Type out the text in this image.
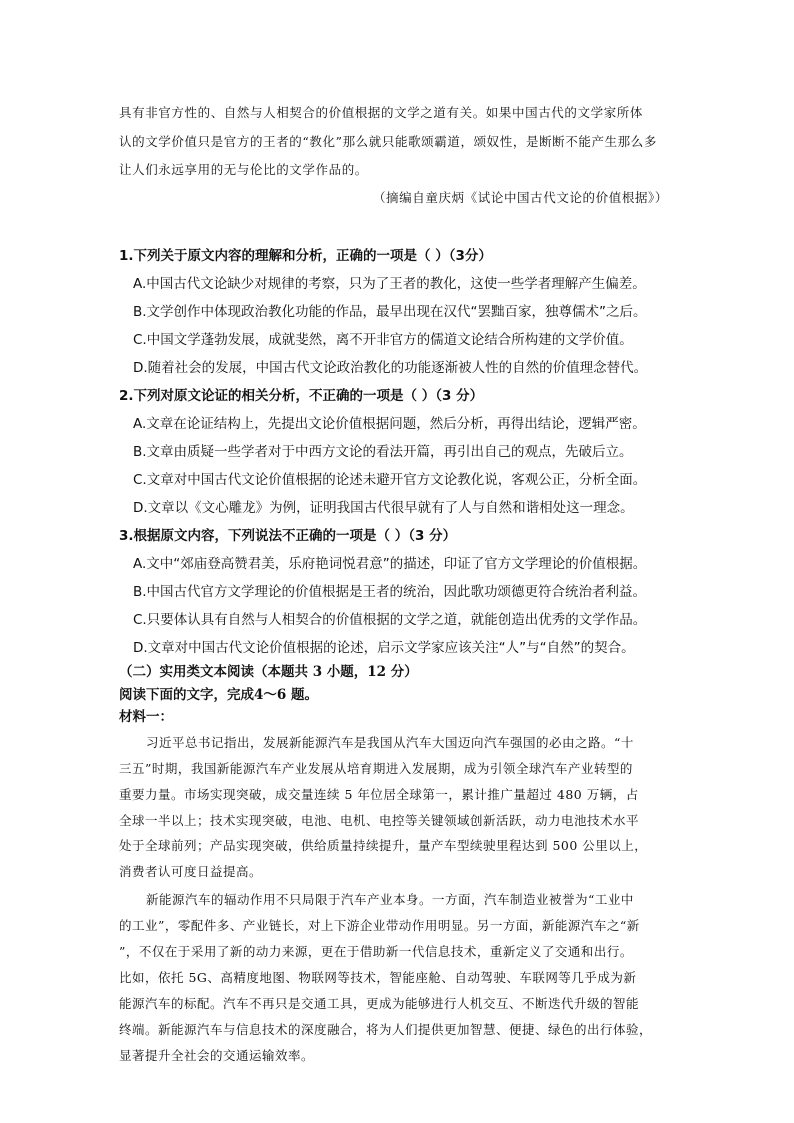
具有非官方性的、自然与人相契合的价值根据的文学之道有关。如果中国古代的文学家所体
认的文学价值只是官方的王者的“教化”那么就只能歌颂霸道，颂奴性，是断断不能产生那么多
让人们永远享用的无与伦比的文学作品的。
（摘编自童庆炳《试论中国古代文论的价值根据》）
1.下列关于原文内容的理解和分析，正确的一项是（ ）（3分）
A.中国古代文论缺少对规律的考察，只为了王者的教化，这使一些学者理解产生偏差。
B.文学创作中体现政治教化功能的作品，最早出现在汉代“罢黜百家，独尊儒术”之后。
C.中国文学蓬勃发展，成就斐然，离不开非官方的儒道文论结合所构建的文学价值。
D.随着社会的发展，中国古代文论政治教化的功能逐渐被人性的自然的价值理念替代。
2.下列对原文论证的相关分析，不正确的一项是（ ）（3 分）
A.文章在论证结构上，先提出文论价值根据问题，然后分析，再得出结论，逻辑严密。
B.文章由质疑一些学者对于中西方文论的看法开篇，再引出自己的观点，先破后立。
C.文章对中国古代文论价值根据的论述未避开官方文论教化说，客观公正，分析全面。
D.文章以《文心雕龙》为例，证明我国古代很早就有了人与自然和谐相处这一理念。
3.根据原文内容，下列说法不正确的一项是（ ）（3 分）
A.文中“郊庙登高赞君美，乐府艳词悦君意”的描述，印证了官方文学理论的价值根据。
B.中国古代官方文学理论的价值根据是王者的统治，因此歌功颂德更符合统治者利益。
C.只要体认具有自然与人相契合的价值根据的文学之道，就能创造出优秀的文学作品。
D.文章对中国古代文论价值根据的论述，启示文学家应该关注“人”与“自然”的契合。
（二）实用类文本阅读（本题共 3 小题，12 分）
阅读下面的文字，完成4～6 题。
材料一：
习近平总书记指出，发展新能源汽车是我国从汽车大国迈向汽车强国的必由之路。“十
三五”时期，我国新能源汽车产业发展从培育期进入发展期，成为引领全球汽车产业转型的
重要力量。市场实现突破，成交量连续 5 年位居全球第一，累计推广量超过 480 万辆，占
全球一半以上；技术实现突破，电池、电机、电控等关键领域创新活跃，动力电池技术水平
处于全球前列；产品实现突破，供给质量持续提升，量产车型续驶里程达到 500 公里以上，
消费者认可度日益提高。
新能源汽车的辐动作用不只局限于汽车产业本身。一方面，汽车制造业被誉为“工业中
的工业”，零配件多、产业链长，对上下游企业带动作用明显。另一方面，新能源汽车之“新
”，不仅在于采用了新的动力来源，更在于借助新一代信息技术，重新定义了交通和出行。
比如，依托 5G、高精度地图、物联网等技术，智能座舱、自动驾驶、车联网等几乎成为新
能源汽车的标配。汽车不再只是交通工具，更成为能够进行人机交互、不断迭代升级的智能
终端。新能源汽车与信息技术的深度融合，将为人们提供更加智慧、便捷、绿色的出行体验，
显著提升全社会的交通运输效率。
